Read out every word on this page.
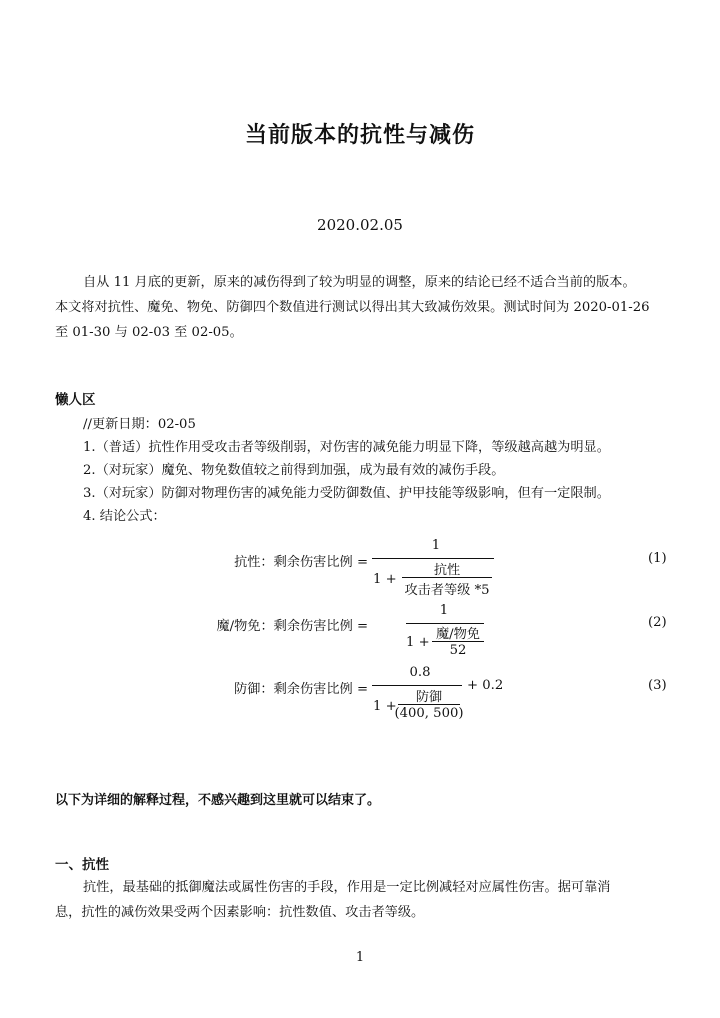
当前版本的抗性与减伤
2020.02.05
自从 11 月底的更新，原来的减伤得到了较为明显的调整，原来的结论已经不适合当前的版本。
本文将对抗性、魔免、物免、防御四个数值进行测试以得出其大致减伤效果。测试时间为 2020-01-26
至 01-30 与 02-03 至 02-05。
懒人区
//更新日期：02-05
1.（普适）抗性作用受攻击者等级削弱，对伤害的减免能力明显下降，等级越高越为明显。
2.（对玩家）魔免、物免数值较之前得到加强，成为最有效的减伤手段。
3.（对玩家）防御对物理伤害的减免能力受防御数值、护甲技能等级影响，但有一定限制。
4. 结论公式：
抗性：剩余伤害比例 =
1
1 +
抗性
攻击者等级 *5
(1)
魔/物免：剩余伤害比例 =
1
1 +
魔/物免
52
(2)
防御：剩余伤害比例 =
0.8
1 +
防御
(400, 500)
+ 0.2	(3)
以下为详细的解释过程，不感兴趣到这里就可以结束了。
一、抗性
抗性，最基础的抵御魔法或属性伤害的手段，作用是一定比例减轻对应属性伤害。据可靠消
息，抗性的减伤效果受两个因素影响：抗性数值、攻击者等级。
1
